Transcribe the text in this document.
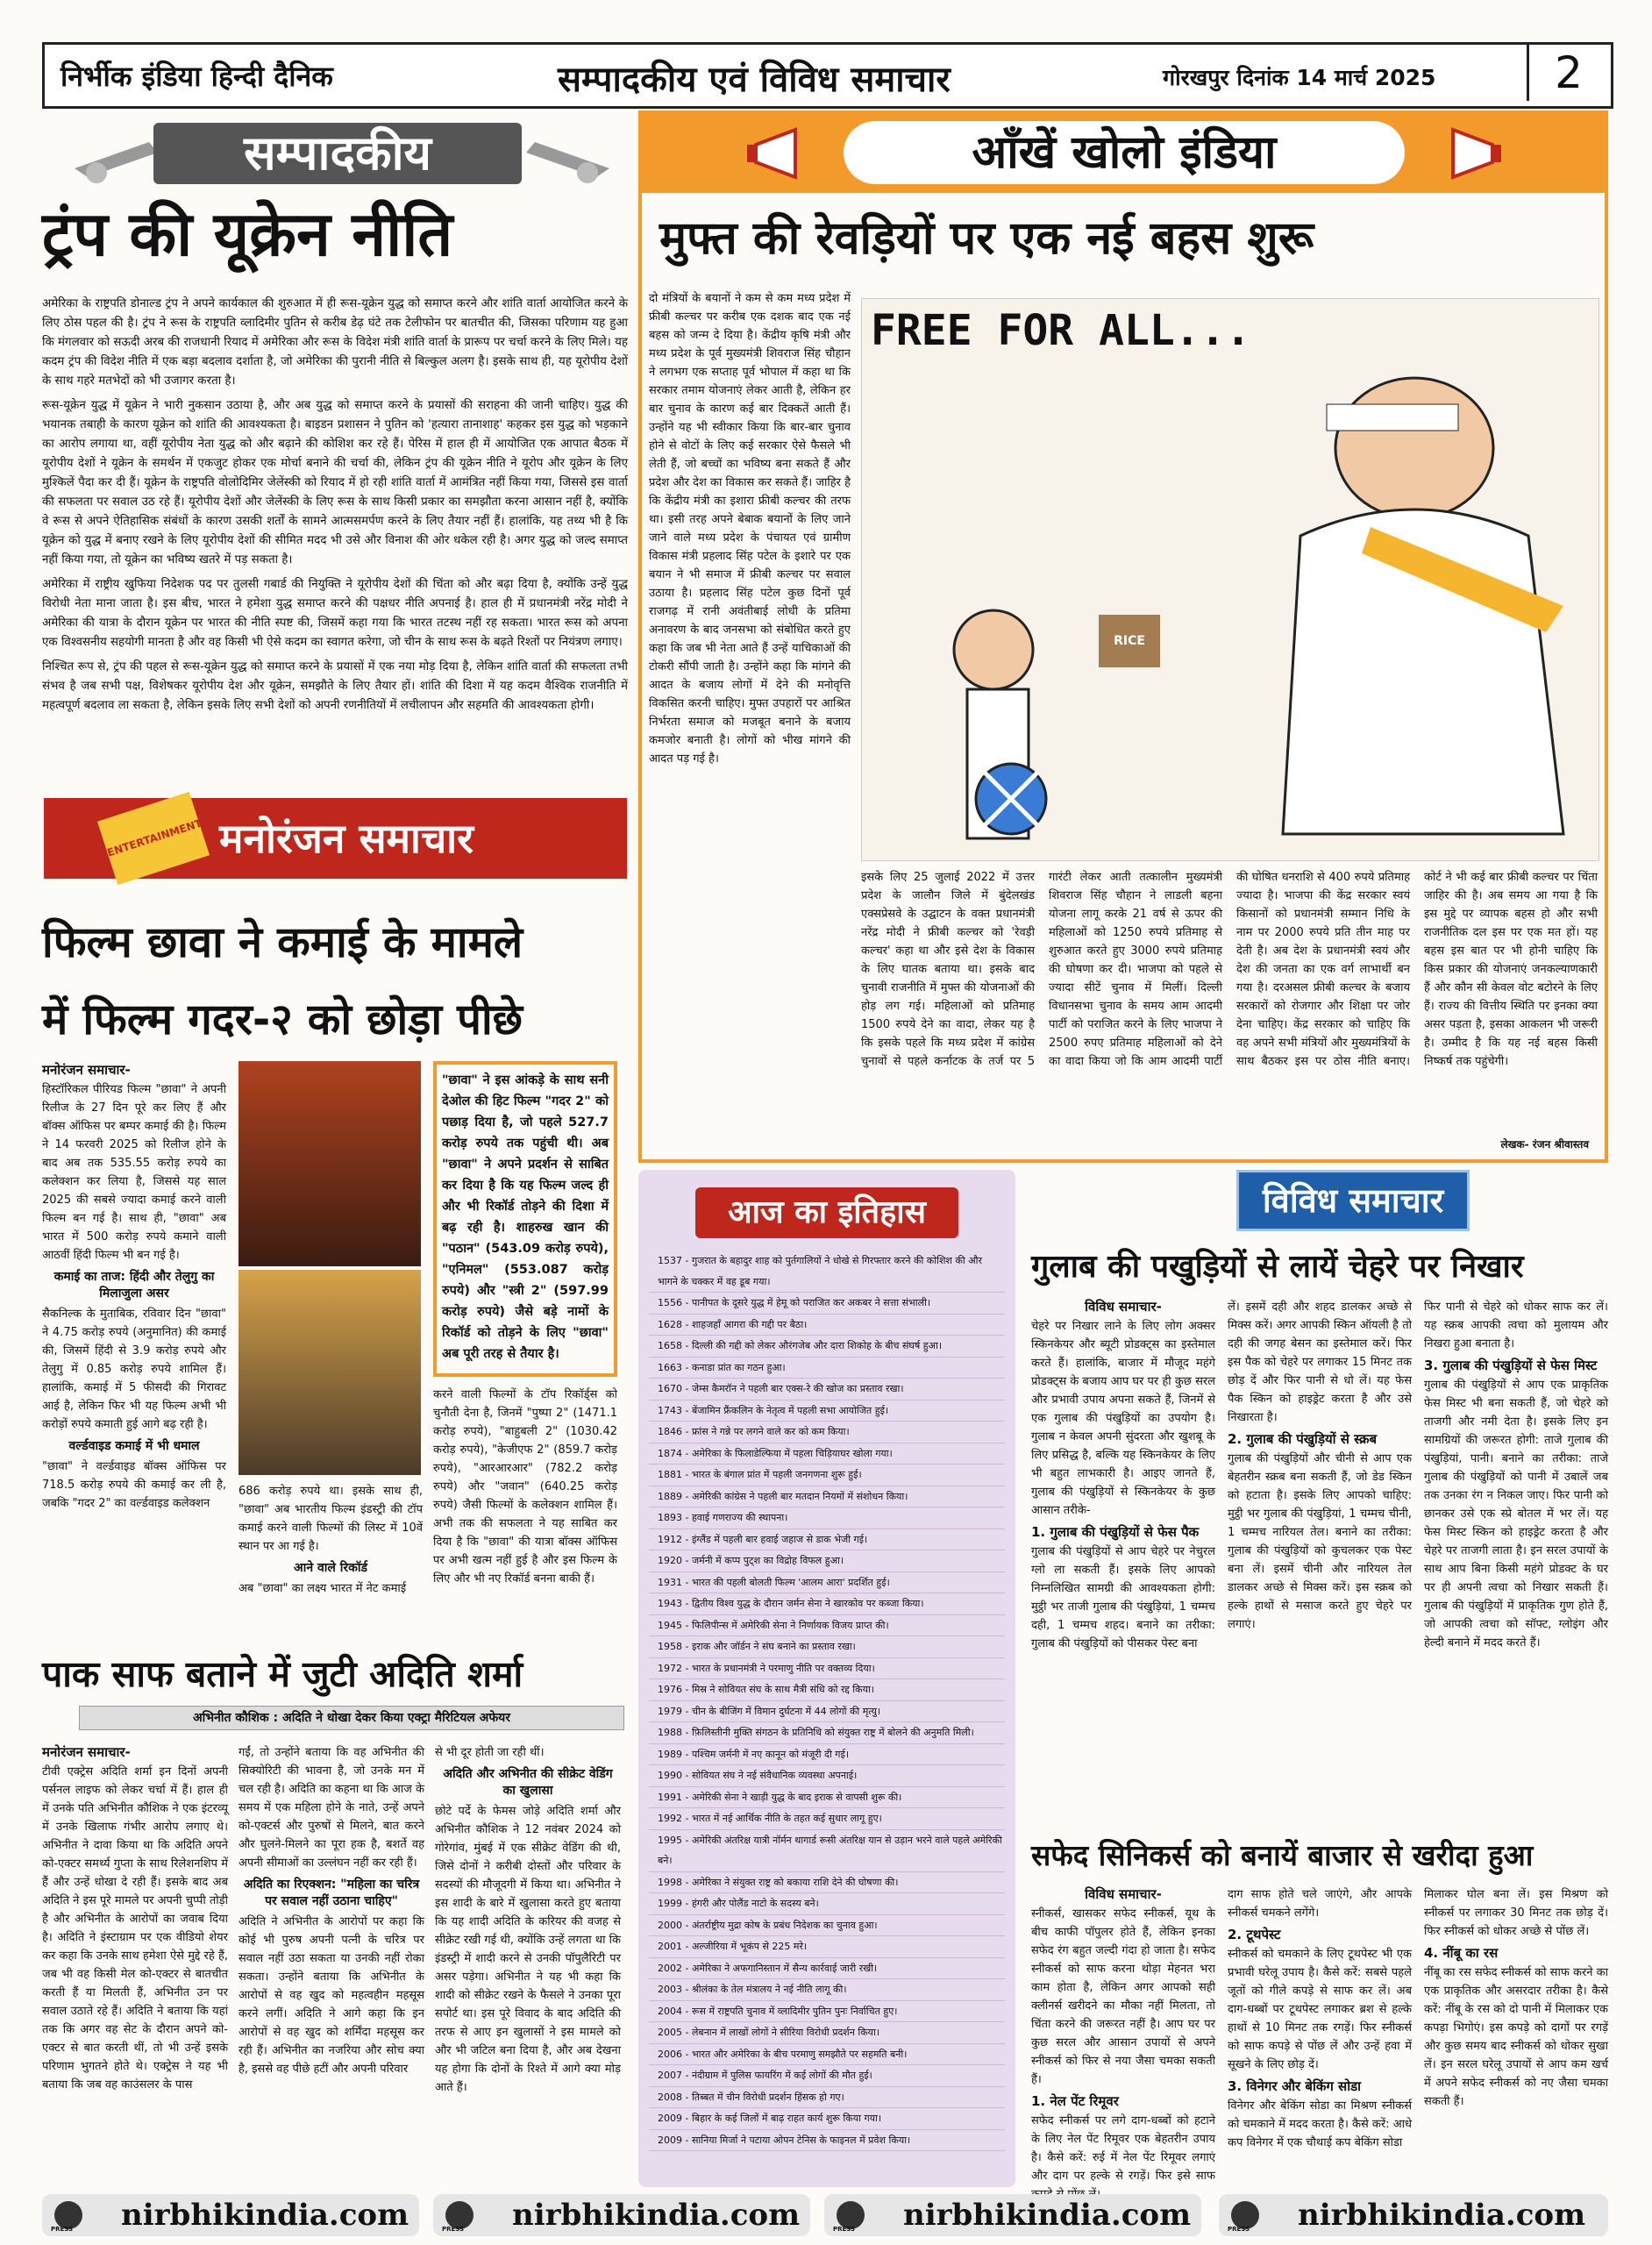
निर्भीक इंडिया हिन्दी दैनिक	सम्पादकीय एवं विविध समाचार	गोरखपुर दिनांक 14 मार्च 2025	2
सम्पादकीय
ट्रंप की यूक्रेन नीति

अमेरिका के राष्ट्रपति डोनाल्ड ट्रंप ने अपने कार्यकाल की शुरुआत में ही रूस-यूक्रेन युद्ध को समाप्त करने और शांति वार्ता आयोजित करने के लिए ठोस पहल की है। ट्रंप ने रूस के राष्ट्रपति व्लादिमीर पुतिन से करीब डेढ़ घंटे तक टेलीफोन पर बातचीत की, जिसका परिणाम यह हुआ कि मंगलवार को सऊदी अरब की राजधानी रियाद में अमेरिका और रूस के विदेश मंत्री शांति वार्ता के प्रारूप पर चर्चा करने के लिए मिले। यह कदम ट्रंप की विदेश नीति में एक बड़ा बदलाव दर्शाता है, जो अमेरिका की पुरानी नीति से बिल्कुल अलग है। इसके साथ ही, यह यूरोपीय देशों के साथ गहरे मतभेदों को भी उजागर करता है।

रूस-यूक्रेन युद्ध में यूक्रेन ने भारी नुकसान उठाया है, और अब युद्ध को समाप्त करने के प्रयासों की सराहना की जानी चाहिए। युद्ध की भयानक तबाही के कारण यूक्रेन को शांति की आवश्यकता है। बाइडन प्रशासन ने पुतिन को 'हत्यारा तानाशाह' कहकर इस युद्ध को भड़काने का आरोप लगाया था, वहीं यूरोपीय नेता युद्ध को और बढ़ाने की कोशिश कर रहे हैं। पेरिस में हाल ही में आयोजित एक आपात बैठक में यूरोपीय देशों ने यूक्रेन के समर्थन में एकजुट होकर एक मोर्चा बनाने की चर्चा की, लेकिन ट्रंप की यूक्रेन नीति ने यूरोप और यूक्रेन के लिए मुश्किलें पैदा कर दी हैं। यूक्रेन के राष्ट्रपति वोलोदिमिर जेलेंस्की को रियाद में हो रही शांति वार्ता में आमंत्रित नहीं किया गया, जिससे इस वार्ता की सफलता पर सवाल उठ रहे हैं। यूरोपीय देशों और जेलेंस्की के लिए रूस के साथ किसी प्रकार का समझौता करना आसान नहीं है, क्योंकि वे रूस से अपने ऐतिहासिक संबंधों के कारण उसकी शर्तों के सामने आत्मसमर्पण करने के लिए तैयार नहीं हैं। हालांकि, यह तथ्य भी है कि यूक्रेन को युद्ध में बनाए रखने के लिए यूरोपीय देशों की सीमित मदद भी उसे और विनाश की ओर धकेल रही है। अगर युद्ध को जल्द समाप्त नहीं किया गया, तो यूक्रेन का भविष्य खतरे में पड़ सकता है।

अमेरिका में राष्ट्रीय खुफिया निदेशक पद पर तुलसी गबार्ड की नियुक्ति ने यूरोपीय देशों की चिंता को और बढ़ा दिया है, क्योंकि उन्हें युद्ध विरोधी नेता माना जाता है। इस बीच, भारत ने हमेशा युद्ध समाप्त करने की पक्षधर नीति अपनाई है। हाल ही में प्रधानमंत्री नरेंद्र मोदी ने अमेरिका की यात्रा के दौरान यूक्रेन पर भारत की नीति स्पष्ट की, जिसमें कहा गया कि भारत तटस्थ नहीं रह सकता। भारत रूस को अपना एक विश्वसनीय सहयोगी मानता है और वह किसी भी ऐसे कदम का स्वागत करेगा, जो चीन के साथ रूस के बढ़ते रिश्तों पर नियंत्रण लगाए।

निश्चित रूप से, ट्रंप की पहल से रूस-यूक्रेन युद्ध को समाप्त करने के प्रयासों में एक नया मोड़ दिया है, लेकिन शांति वार्ता की सफलता तभी संभव है जब सभी पक्ष, विशेषकर यूरोपीय देश और यूक्रेन, समझौते के लिए तैयार हों। शांति की दिशा में यह कदम वैश्विक राजनीति में महत्वपूर्ण बदलाव ला सकता है, लेकिन इसके लिए सभी देशों को अपनी रणनीतियों में लचीलापन और सहमति की आवश्यकता होगी।

ENTERTAINMENT मनोरंजन समाचार
फिल्म छावा ने कमाई के मामले
में फिल्म गदर-२ को छोड़ा पीछे
मनोरंजन समाचार-

हिस्टॉरिकल पीरियड फिल्म "छावा" ने अपनी रिलीज के 27 दिन पूरे कर लिए हैं और बॉक्स ऑफिस पर बम्पर कमाई की है। फिल्म ने 14 फरवरी 2025 को रिलीज होने के बाद अब तक 535.55 करोड़ रुपये का कलेक्शन कर लिया है, जिससे यह साल 2025 की सबसे ज्यादा कमाई करने वाली फिल्म बन गई है। साथ ही, "छावा" अब भारत में 500 करोड़ रुपये कमाने वाली आठवीं हिंदी फिल्म भी बन गई है।

कमाई का ताज: हिंदी और तेलुगु का मिलाजुला असर

सैकनिल्क के मुताबिक, रविवार दिन "छावा" ने 4.75 करोड़ रुपये (अनुमानित) की कमाई की, जिसमें हिंदी से 3.9 करोड़ रुपये और तेलुगु में 0.85 करोड़ रुपये शामिल हैं। हालांकि, कमाई में 5 फीसदी की गिरावट आई है, लेकिन फिर भी यह फिल्म अभी भी करोड़ों रुपये कमाती हुई आगे बढ़ रही है।

वर्ल्डवाइड कमाई में भी धमाल

"छावा" ने वर्ल्डवाइड बॉक्स ऑफिस पर 718.5 करोड़ रुपये की कमाई कर ली है, जबकि "गदर 2" का वर्ल्डवाइड कलेक्शन

686 करोड़ रुपये था। इसके साथ ही, "छावा" अब भारतीय फिल्म इंडस्ट्री की टॉप कमाई करने वाली फिल्मों की लिस्ट में 10वें स्थान पर आ गई है।

आने वाले रिकॉर्ड

अब "छावा" का लक्ष्य भारत में नेट कमाई

"छावा" ने इस आंकड़े के साथ सनी देओल की हिट फिल्म "गदर 2" को पछाड़ दिया है, जो पहले 527.7 करोड़ रुपये तक पहुंची थी। अब "छावा" ने अपने प्रदर्शन से साबित कर दिया है कि यह फिल्म जल्द ही और भी रिकॉर्ड तोड़ने की दिशा में बढ़ रही है। शाहरुख खान की "पठान" (543.09 करोड़ रुपये), "एनिमल" (553.087 करोड़ रुपये) और "स्त्री 2" (597.99 करोड़ रुपये) जैसे बड़े नामों के रिकॉर्ड को तोड़ने के लिए "छावा" अब पूरी तरह से तैयार है।

करने वाली फिल्मों के टॉप रिकॉर्ड्स को चुनौती देना है, जिनमें "पुष्पा 2" (1471.1 करोड़ रुपये), "बाहुबली 2" (1030.42 करोड़ रुपये), "केजीएफ 2" (859.7 करोड़ रुपये), "आरआरआर" (782.2 करोड़ रुपये) और "जवान" (640.25 करोड़ रुपये) जैसी फिल्मों के कलेक्शन शामिल हैं। अभी तक की सफलता ने यह साबित कर दिया है कि "छावा" की यात्रा बॉक्स ऑफिस पर अभी खत्म नहीं हुई है और इस फिल्म के लिए और भी नए रिकॉर्ड बनना बाकी हैं।

पाक साफ बताने में जुटी अदिति शर्मा
अभिनीत कौशिक : अदिति ने धोखा देकर किया एक्ट्रा मैरिटियल अफेयर
मनोरंजन समाचार-

टीवी एक्ट्रेस अदिति शर्मा इन दिनों अपनी पर्सनल लाइफ को लेकर चर्चा में हैं। हाल ही में उनके पति अभिनीत कौशिक ने एक इंटरव्यू में उनके खिलाफ गंभीर आरोप लगाए थे। अभिनीत ने दावा किया था कि अदिति अपने को-एक्टर समर्थ्य गुप्ता के साथ रिलेशनशिप में हैं और उन्हें धोखा दे रही हैं। इसके बाद अब अदिति ने इस पूरे मामले पर अपनी चुप्पी तोड़ी है और अभिनीत के आरोपों का जवाब दिया है। अदिति ने इंस्टाग्राम पर एक वीडियो शेयर कर कहा कि उनके साथ हमेशा ऐसे मुद्दे रहे हैं, जब भी वह किसी मेल को-एक्टर से बातचीत करती हैं या मिलती हैं, अभिनीत उन पर सवाल उठाते रहे हैं। अदिति ने बताया कि यहां तक कि अगर वह सेट के दौरान अपने को-एक्टर से बात करती थीं, तो भी उन्हें इसके परिणाम भुगतने होते थे। एक्ट्रेस ने यह भी बताया कि जब वह काउंसलर के पास

गईं, तो उन्होंने बताया कि वह अभिनीत की सिक्योरिटी की भावना है, जो उनके मन में चल रही है। अदिति का कहना था कि आज के समय में एक महिला होने के नाते, उन्हें अपने को-एक्टर्स और पुरुषों से मिलने, बात करने और घुलने-मिलने का पूरा हक है, बशर्ते वह अपनी सीमाओं का उल्लंघन नहीं कर रही हैं।

अदिति का रिएक्शन: "महिला का चरित्र पर सवाल नहीं उठाना चाहिए"

अदिति ने अभिनीत के आरोपों पर कहा कि कोई भी पुरुष अपनी पत्नी के चरित्र पर सवाल नहीं उठा सकता या उनकी नहीं रोका सकता। उन्होंने बताया कि अभिनीत के आरोपों से वह खुद को महत्वहीन महसूस करने लगीं। अदिति ने आगे कहा कि इन आरोपों से वह खुद को शर्मिंदा महसूस कर रही हैं। अभिनीत का नजरिया और सोच क्या है, इससे वह पीछे हटीं और अपनी परिवार

से भी दूर होती जा रही थीं।

अदिति और अभिनीत की सीक्रेट वेडिंग का खुलासा

छोटे पर्दे के फेमस जोड़े अदिति शर्मा और अभिनीत कौशिक ने 12 नवंबर 2024 को गोरेगांव, मुंबई में एक सीक्रेट वेडिंग की थी, जिसे दोनों ने करीबी दोस्तों और परिवार के सदस्यों की मौजूदगी में किया था। अभिनीत ने इस शादी के बारे में खुलासा करते हुए बताया कि यह शादी अदिति के करियर की वजह से सीक्रेट रखी गई थी, क्योंकि उन्हें लगता था कि इंडस्ट्री में शादी करने से उनकी पॉपुलैरिटी पर असर पड़ेगा। अभिनीत ने यह भी कहा कि शादी को सीक्रेट रखने के फैसले ने उनका पूरा सपोर्ट था। इस पूरे विवाद के बाद अदिति की तरफ से आए इन खुलासों ने इस मामले को और भी जटिल बना दिया है, और अब देखना यह होगा कि दोनों के रिश्ते में आगे क्या मोड़ आते हैं।

आँखें खोलो इंडिया
मुफ्त की रेवड़ियों पर एक नई बहस शुरू

दो मंत्रियों के बयानों ने कम से कम मध्य प्रदेश में फ्रीबी कल्चर पर करीब एक दशक बाद एक नई बहस को जन्म दे दिया है। केंद्रीय कृषि मंत्री और मध्य प्रदेश के पूर्व मुख्यमंत्री शिवराज सिंह चौहान ने लगभग एक सप्ताह पूर्व भोपाल में कहा था कि सरकार तमाम योजनाएं लेकर आती है, लेकिन हर बार चुनाव के कारण कई बार दिक्कतें आती हैं। उन्होंने यह भी स्वीकार किया कि बार-बार चुनाव होने से वोटों के लिए कई सरकार ऐसे फैसले भी लेती हैं, जो बच्चों का भविष्य बना सकते हैं और प्रदेश और देश का विकास कर सकते हैं। जाहिर है कि केंद्रीय मंत्री का इशारा फ्रीबी कल्चर की तरफ था। इसी तरह अपने बेबाक बयानों के लिए जाने जाने वाले मध्य प्रदेश के पंचायत एवं ग्रामीण विकास मंत्री प्रहलाद सिंह पटेल के इशारे पर एक बयान ने भी समाज में फ्रीबी कल्चर पर सवाल उठाया है। प्रहलाद सिंह पटेल कुछ दिनों पूर्व राजगढ़ में रानी अवंतीबाई लोधी के प्रतिमा अनावरण के बाद जनसभा को संबोधित करते हुए कहा कि जब भी नेता आते हैं उन्हें याचिकाओं की टोकरी सौंपी जाती है। उन्होंने कहा कि मांगने की आदत के बजाय लोगों में देने की मनोवृत्ति विकसित करनी चाहिए। मुफ्त उपहारों पर आश्रित निर्भरता समाज को मजबूत बनाने के बजाय कमजोर बनाती है। लोगों को भीख मांगने की आदत पड़ गई है।

FREE FOR ALL...
RICE

इसके लिए 25 जुलाई 2022 में उत्तर प्रदेश के जालौन जिले में बुंदेलखंड एक्सप्रेसवे के उद्घाटन के वक्त प्रधानमंत्री नरेंद्र मोदी ने फ्रीबी कल्चर को 'रेवड़ी कल्चर' कहा था और इसे देश के विकास के लिए घातक बताया था। इसके बाद चुनावी राजनीति में मुफ्त की योजनाओं की होड़ लग गई। महिलाओं को प्रतिमाह 1500 रुपये देने का वादा, लेकर यह है कि इसके पहले कि मध्य प्रदेश में कांग्रेस चुनावों से पहले कर्नाटक के तर्ज पर 5 गारंटी लेकर आती तत्कालीन मुख्यमंत्री शिवराज सिंह चौहान ने लाडली बहना योजना लागू करके 21 वर्ष से ऊपर की महिलाओं को 1250 रुपये प्रतिमाह से शुरुआत करते हुए 3000 रुपये प्रतिमाह की घोषणा कर दी। भाजपा को पहले से ज्यादा सीटें चुनाव में मिलीं। दिल्ली विधानसभा चुनाव के समय आम आदमी पार्टी को पराजित करने के लिए भाजपा ने 2500 रुपए प्रतिमाह महिलाओं को देने का वादा किया जो कि आम आदमी पार्टी की घोषित धनराशि से 400 रुपये प्रतिमाह ज्यादा है। भाजपा की केंद्र सरकार स्वयं किसानों को प्रधानमंत्री सम्मान निधि के नाम पर 2000 रुपये प्रति तीन माह पर देती है। अब देश के प्रधानमंत्री स्वयं और देश की जनता का एक वर्ग लाभार्थी बन गया है। दरअसल फ्रीबी कल्चर के बजाय सरकारों को रोजगार और शिक्षा पर जोर देना चाहिए। केंद्र सरकार को चाहिए कि वह अपने सभी मंत्रियों और मुख्यमंत्रियों के साथ बैठकर इस पर ठोस नीति बनाए। कोर्ट ने भी कई बार फ्रीबी कल्चर पर चिंता जाहिर की है। अब समय आ गया है कि इस मुद्दे पर व्यापक बहस हो और सभी राजनीतिक दल इस पर एक मत हों। यह बहस इस बात पर भी होनी चाहिए कि किस प्रकार की योजनाएं जनकल्याणकारी हैं और कौन सी केवल वोट बटोरने के लिए हैं। राज्य की वित्तीय स्थिति पर इनका क्या असर पड़ता है, इसका आकलन भी जरूरी है। उम्मीद है कि यह नई बहस किसी निष्कर्ष तक पहुंचेगी।

लेखक- रंजन श्रीवास्तव
आज का इतिहास
1537 - गुजरात के बहादुर शाह को पुर्तगालियों ने धोखे से गिरफ्तार करने की कोशिश की और भागने के चक्कर में वह डूब गया।
1556 - पानीपत के दूसरे युद्ध में हेमू को पराजित कर अकबर ने सत्ता संभाली।
1628 - शाहजहाँ आगरा की गद्दी पर बैठा।
1658 - दिल्ली की गद्दी को लेकर औरंगजेब और दारा शिकोह के बीच संघर्ष हुआ।
1663 - कनाडा प्रांत का गठन हुआ।
1670 - जेम्स कैमरॉन ने पहली बार एक्स-रे की खोज का प्रस्ताव रखा।
1743 - बेंजामिन फ्रैंकलिन के नेतृत्व में पहली सभा आयोजित हुई।
1846 - फ्रांस ने गन्ने पर लगने वाले कर को कम किया।
1874 - अमेरिका के फिलाडेल्फिया में पहला चिड़ियाघर खोला गया।
1881 - भारत के बंगाल प्रांत में पहली जनगणना शुरू हुई।
1889 - अमेरिकी कांग्रेस ने पहली बार मतदान नियमों में संशोधन किया।
1893 - हवाई गणराज्य की स्थापना।
1912 - इंग्लैंड में पहली बार हवाई जहाज से डाक भेजी गई।
1920 - जर्मनी में कप्प पुट्श का विद्रोह विफल हुआ।
1931 - भारत की पहली बोलती फिल्म 'आलम आरा' प्रदर्शित हुई।
1943 - द्वितीय विश्व युद्ध के दौरान जर्मन सेना ने खारकोव पर कब्जा किया।
1945 - फिलिपीन्स में अमेरिकी सेना ने निर्णायक विजय प्राप्त की।
1958 - इराक और जॉर्डन ने संघ बनाने का प्रस्ताव रखा।
1972 - भारत के प्रधानमंत्री ने परमाणु नीति पर वक्तव्य दिया।
1976 - मिस्र ने सोवियत संघ के साथ मैत्री संधि को रद्द किया।
1979 - चीन के बीजिंग में विमान दुर्घटना में 44 लोगों की मृत्यु।
1988 - फ़िलिस्तीनी मुक्ति संगठन के प्रतिनिधि को संयुक्त राष्ट्र में बोलने की अनुमति मिली।
1989 - पश्चिम जर्मनी में नए कानून को मंजूरी दी गई।
1990 - सोवियत संघ ने नई संवैधानिक व्यवस्था अपनाई।
1991 - अमेरिकी सेना ने खाड़ी युद्ध के बाद इराक से वापसी शुरू की।
1992 - भारत में नई आर्थिक नीति के तहत कई सुधार लागू हुए।
1995 - अमेरिकी अंतरिक्ष यात्री नॉर्मन थागार्ड रूसी अंतरिक्ष यान से उड़ान भरने वाले पहले अमेरिकी बने।
1998 - अमेरिका ने संयुक्त राष्ट्र को बकाया राशि देने की घोषणा की।
1999 - हंगरी और पोलैंड नाटो के सदस्य बने।
2000 - अंतर्राष्ट्रीय मुद्रा कोष के प्रबंध निदेशक का चुनाव हुआ।
2001 - अल्जीरिया में भूकंप से 225 मरे।
2002 - अमेरिका ने अफगानिस्तान में सैन्य कार्रवाई जारी रखी।
2003 - श्रीलंका के तेल मंत्रालय ने नई नीति लागू की।
2004 - रूस में राष्ट्रपति चुनाव में व्लादिमीर पुतिन पुनः निर्वाचित हुए।
2005 - लेबनान में लाखों लोगों ने सीरिया विरोधी प्रदर्शन किया।
2006 - भारत और अमेरिका के बीच परमाणु समझौते पर सहमति बनी।
2007 - नंदीग्राम में पुलिस फायरिंग में कई लोगों की मौत हुई।
2008 - तिब्बत में चीन विरोधी प्रदर्शन हिंसक हो गए।
2009 - बिहार के कई जिलों में बाढ़ राहत कार्य शुरू किया गया।
2009 - सानिया मिर्जा ने पटाया ओपन टेनिस के फाइनल में प्रवेश किया।
विविध समाचार
गुलाब की पखुड़ियों से लायें चेहरे पर निखार
विविध समाचार-

चेहरे पर निखार लाने के लिए लोग अक्सर स्किनकेयर और ब्यूटी प्रोडक्ट्स का इस्तेमाल करते हैं। हालांकि, बाजार में मौजूद महंगे प्रोडक्ट्स के बजाय आप घर पर ही कुछ सरल और प्रभावी उपाय अपना सकते हैं, जिनमें से एक गुलाब की पंखुड़ियों का उपयोग है। गुलाब न केवल अपनी सुंदरता और खुशबू के लिए प्रसिद्ध है, बल्कि यह स्किनकेयर के लिए भी बहुत लाभकारी है। आइए जानते हैं, गुलाब की पंखुड़ियों से स्किनकेयर के कुछ आसान तरीके-

1. गुलाब की पंखुड़ियों से फेस पैक

गुलाब की पंखुड़ियों से आप चेहरे पर नेचुरल ग्लो ला सकती हैं। इसके लिए आपको निम्नलिखित सामग्री की आवश्यकता होगी: मुट्ठी भर ताजी गुलाब की पंखुड़ियां, 1 चम्मच दही, 1 चम्मच शहद। बनाने का तरीका: गुलाब की पंखुड़ियों को पीसकर पेस्ट बना

लें। इसमें दही और शहद डालकर अच्छे से मिक्स करें। अगर आपकी स्किन ऑयली है तो दही की जगह बेसन का इस्तेमाल करें। फिर इस पैक को चेहरे पर लगाकर 15 मिनट तक छोड़ दें और फिर पानी से धो लें। यह फेस पैक स्किन को हाइड्रेट करता है और उसे निखारता है।

2. गुलाब की पंखुड़ियों से स्क्रब

गुलाब की पंखुड़ियों और चीनी से आप एक बेहतरीन स्क्रब बना सकती हैं, जो डेड स्किन को हटाता है। इसके लिए आपको चाहिए: मुट्ठी भर गुलाब की पंखुड़ियां, 1 चम्मच चीनी, 1 चम्मच नारियल तेल। बनाने का तरीका: गुलाब की पंखुड़ियों को कुचलकर एक पेस्ट बना लें। इसमें चीनी और नारियल तेल डालकर अच्छे से मिक्स करें। इस स्क्रब को हल्के हाथों से मसाज करते हुए चेहरे पर लगाएं।

फिर पानी से चेहरे को धोकर साफ कर लें। यह स्क्रब आपकी त्वचा को मुलायम और निखरा हुआ बनाता है।

3. गुलाब की पंखुड़ियों से फेस मिस्ट

गुलाब की पंखुड़ियों से आप एक प्राकृतिक फेस मिस्ट भी बना सकती हैं, जो चेहरे को ताजगी और नमी देता है। इसके लिए इन सामग्रियों की जरूरत होगी: ताजे गुलाब की पंखुड़ियां, पानी। बनाने का तरीका: ताजे गुलाब की पंखुड़ियों को पानी में उबालें जब तक उनका रंग न निकल जाए। फिर पानी को छानकर उसे एक स्प्रे बोतल में भर लें। यह फेस मिस्ट स्किन को हाइड्रेट करता है और चेहरे पर ताजगी लाता है। इन सरल उपायों के साथ आप बिना किसी महंगे प्रोडक्ट के घर पर ही अपनी त्वचा को निखार सकती हैं। गुलाब की पंखुड़ियों में प्राकृतिक गुण होते हैं, जो आपकी त्वचा को सॉफ्ट, ग्लोइंग और हेल्दी बनाने में मदद करते हैं।

सफेद सिनिकर्स को बनायें बाजार से खरीदा हुआ
विविध समाचार-

स्नीकर्स, खासकर सफेद स्नीकर्स, यूथ के बीच काफी पॉपुलर होते हैं, लेकिन इनका सफेद रंग बहुत जल्दी गंदा हो जाता है। सफेद स्नीकर्स को साफ करना थोड़ा मेहनत भरा काम होता है, लेकिन अगर आपको सही क्लीनर्स खरीदने का मौका नहीं मिलता, तो चिंता करने की जरूरत नहीं है। आप घर पर कुछ सरल और आसान उपायों से अपने स्नीकर्स को फिर से नया जैसा चमका सकती हैं।

1. नेल पेंट रिमूवर

सफेद स्नीकर्स पर लगे दाग-धब्बों को हटाने के लिए नेल पेंट रिमूवर एक बेहतरीन उपाय है। कैसे करें: रुई में नेल पेंट रिमूवर लगाएं और दाग पर हल्के से रगड़ें। फिर इसे साफ

दाग साफ होते चले जाएंगे, और आपके स्नीकर्स चमकने लगेंगे।

2. टूथपेस्ट

स्नीकर्स को चमकाने के लिए टूथपेस्ट भी एक प्रभावी घरेलू उपाय है। कैसे करें: सबसे पहले जूतों को गीले कपड़े से साफ कर लें। अब दाग-धब्बों पर टूथपेस्ट लगाकर ब्रश से हल्के हाथों से 10 मिनट तक रगड़ें। फिर स्नीकर्स को साफ कपड़े से पोंछ लें और उन्हें हवा में सूखने के लिए छोड़ दें।

3. विनेगर और बेकिंग सोडा

विनेगर और बेकिंग सोडा का मिश्रण स्नीकर्स को चमकाने में मदद करता है। कैसे करें: आधे कप विनेगर में एक चौथाई कप बेकिंग सोडा

मिलाकर घोल बना लें। इस मिश्रण को स्नीकर्स पर लगाकर 30 मिनट तक छोड़ दें। फिर स्नीकर्स को धोकर अच्छे से पोंछ लें।

4. नींबू का रस

नींबू का रस सफेद स्नीकर्स को साफ करने का एक प्राकृतिक और असरदार तरीका है। कैसे करें: नींबू के रस को दो पानी में मिलाकर एक कपड़ा भिगोएं। इस कपड़े को दागों पर रगड़ें और कुछ समय बाद स्नीकर्स को धोकर सुखा लें। इन सरल घरेलू उपायों से आप कम खर्च में अपने सफेद स्नीकर्स को नए जैसा चमका सकती हैं।

PRESS nirbhikindia.com	PRESS nirbhikindia.com	PRESS nirbhikindia.com	PRESS nirbhikindia.com
